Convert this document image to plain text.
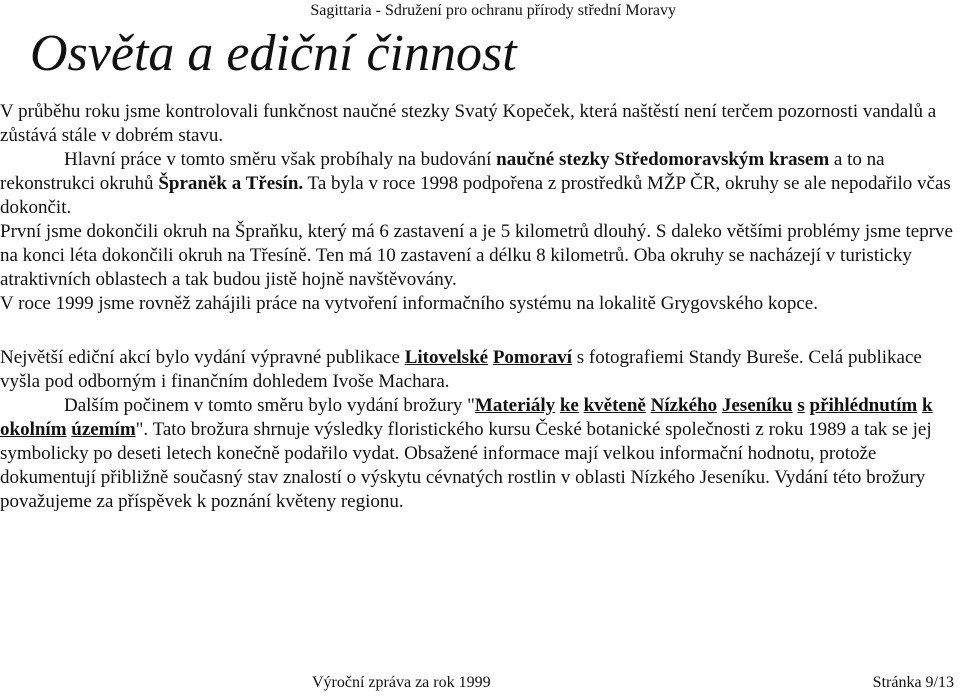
Sagittaria - Sdružení pro ochranu přírody střední Moravy
Osvěta a ediční činnost

V průběhu roku jsme kontrolovali funkčnost naučné stezky Svatý Kopeček, která naštěstí není terčem pozornosti vandalů a zůstává stále v dobrém stavu.

Hlavní práce v tomto směru však probíhaly na budování naučné stezky Středomoravským krasem a to na rekonstrukci okruhů Špraněk a Třesín. Ta byla v roce 1998 podpořena z prostředků MŽP ČR, okruhy se ale nepodařilo včas dokončit.

První jsme dokončili okruh na Špraňku, který má 6 zastavení a je 5 kilometrů dlouhý. S daleko většími problémy jsme teprve na konci léta dokončili okruh na Třesíně. Ten má 10 zastavení a délku 8 kilometrů. Oba okruhy se nacházejí v turisticky atraktivních oblastech a tak budou jistě hojně navštěvovány.

V roce 1999 jsme rovněž zahájili práce na vytvoření informačního systému na lokalitě Grygovského kopce.

Největší ediční akcí bylo vydání výpravné publikace Litovelské Pomoraví s fotografiemi Standy Bureše. Celá publikace vyšla pod odborným i finančním dohledem Ivoše Machara.

Dalším počinem v tomto směru bylo vydání brožury "Materiály ke květeně Nízkého Jeseníku s přihlédnutím k okolním územím". Tato brožura shrnuje výsledky floristického kursu České botanické společnosti z roku 1989 a tak se jej symbolicky po deseti letech konečně podařilo vydat. Obsažené informace mají velkou informační hodnotu, protože dokumentují přibližně současný stav znalostí o výskytu cévnatých rostlin v oblasti Nízkého Jeseníku. Vydání této brožury považujeme za příspěvek k poznání květeny regionu.

Výroční zpráva za rok 1999	Stránka 9/13
